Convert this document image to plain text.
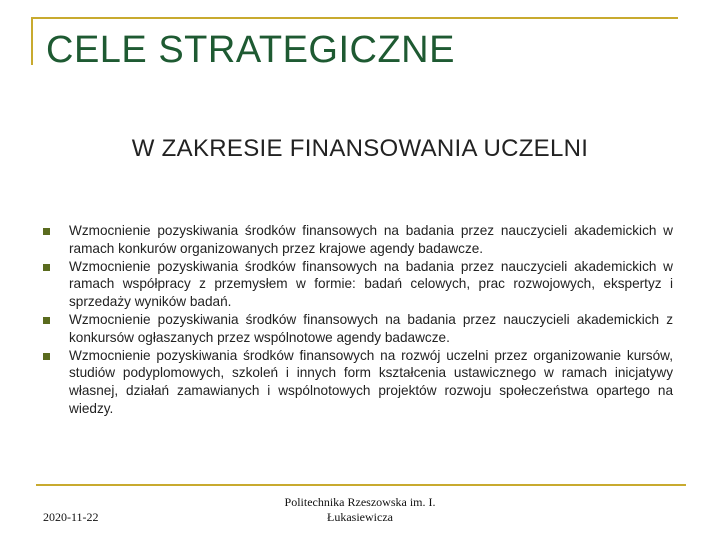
CELE STRATEGICZNE
W ZAKRESIE FINANSOWANIA UCZELNI
Wzmocnienie pozyskiwania środków finansowych na badania przez nauczycieli akademickich w ramach konkurów organizowanych przez krajowe agendy badawcze.
Wzmocnienie pozyskiwania środków finansowych na badania przez nauczycieli akademickich w ramach współpracy z przemysłem w formie: badań celowych, prac rozwojowych, ekspertyz i sprzedaży wyników badań.
Wzmocnienie pozyskiwania środków finansowych na badania przez nauczycieli akademickich z konkursów ogłaszanych przez wspólnotowe agendy badawcze.
Wzmocnienie pozyskiwania środków finansowych na rozwój uczelni przez organizowanie kursów, studiów podyplomowych, szkoleń i innych form kształcenia ustawicznego w ramach inicjatywy własnej, działań zamawianych i wspólnotowych projektów rozwoju społeczeństwa opartego na wiedzy.
2020-11-22
Politechnika Rzeszowska im. I.
Łukasiewicza
